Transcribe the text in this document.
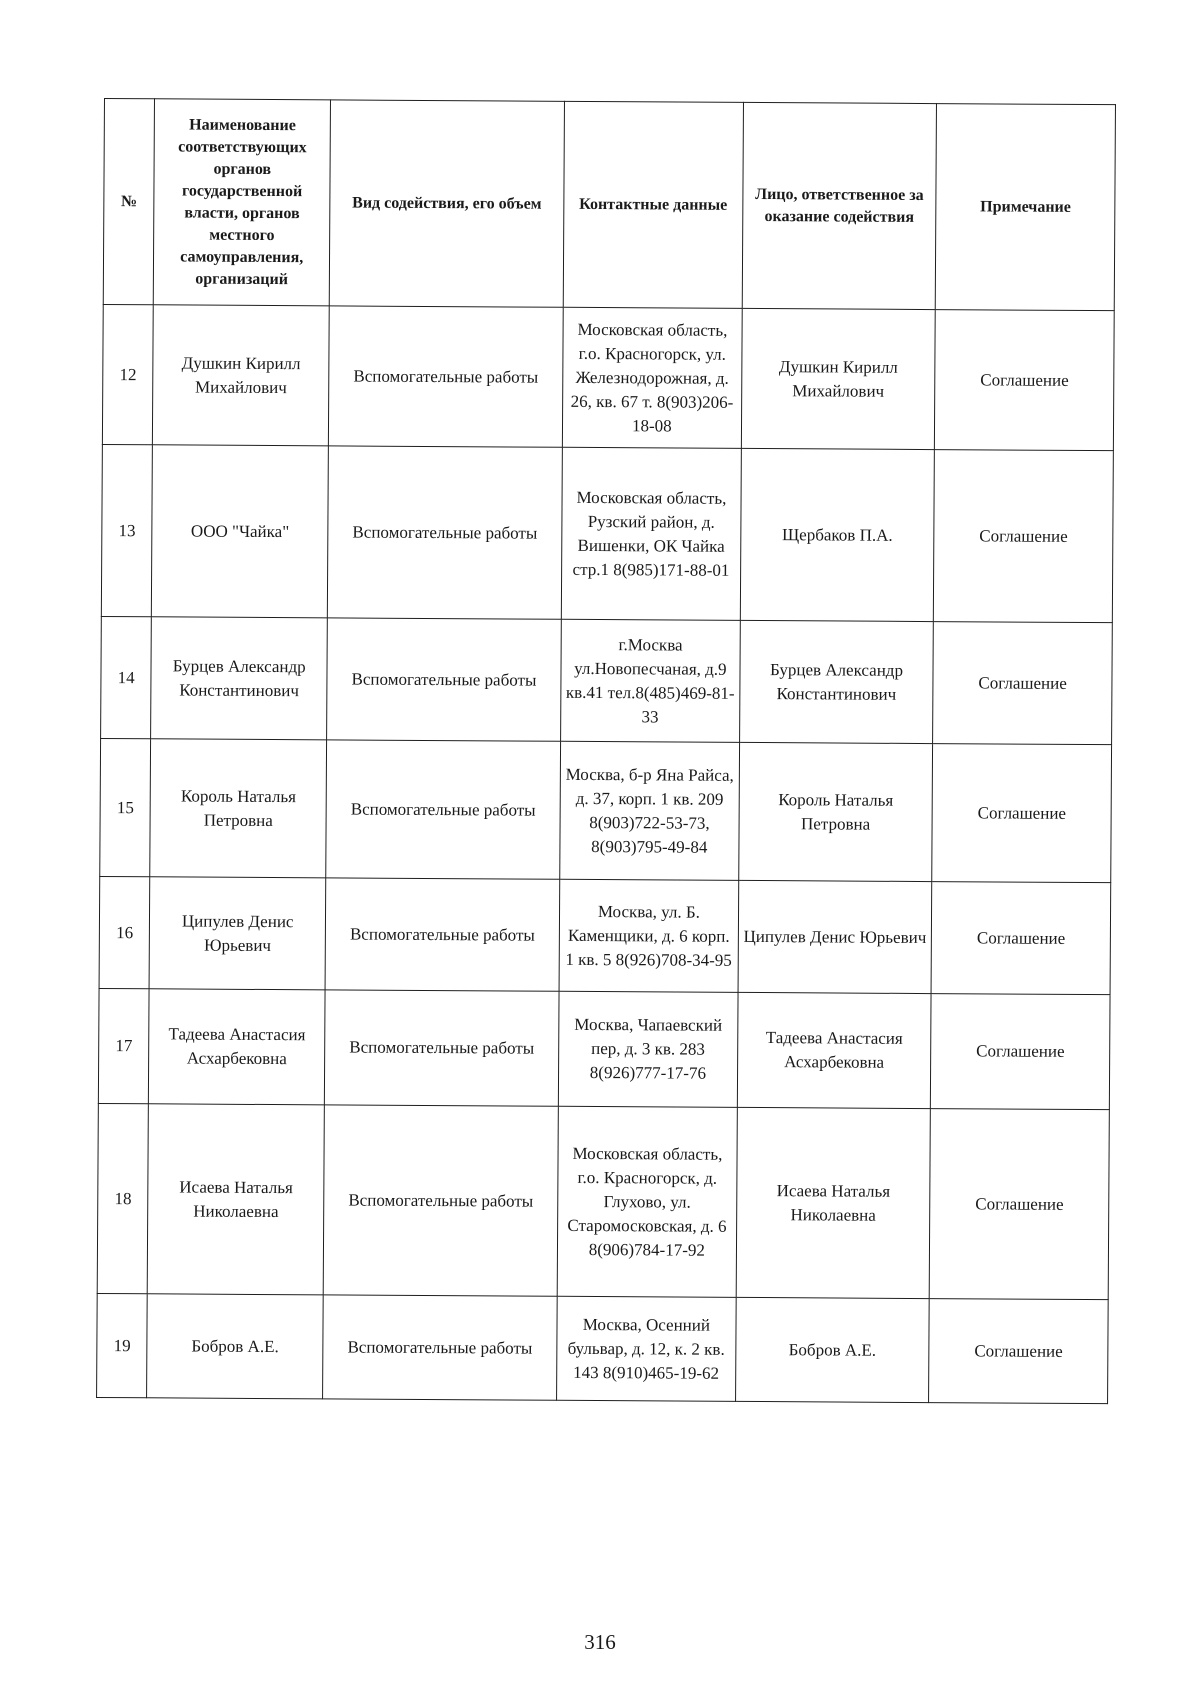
№	Наименование соответствующих органов государственной власти, органов местного самоуправления, организаций	Вид содействия, его объем	Контактные данные	Лицо, ответственное за оказание содействия	Примечание
12	Душкин Кирилл Михайлович	Вспомогательные работы	Московская область, г.о. Красногорск, ул. Железнодорожная, д. 26, кв. 67 т. 8(903)206-18-08	Душкин Кирилл Михайлович	Соглашение
13	ООО "Чайка"	Вспомогательные работы	Московская область, Рузский район, д. Вишенки, ОК Чайка стр.1 8(985)171-88-01	Щербаков П.А.	Соглашение
14	Бурцев Александр Константинович	Вспомогательные работы	г.Москва ул.Новопесчаная, д.9 кв.41 тел.8(485)469-81-33	Бурцев Александр Константинович	Соглашение
15	Король Наталья Петровна	Вспомогательные работы	Москва, б-р Яна Райса, д. 37, корп. 1 кв. 209 8(903)722-53-73, 8(903)795-49-84	Король Наталья Петровна	Соглашение
16	Ципулев Денис Юрьевич	Вспомогательные работы	Москва, ул. Б. Каменщики, д. 6 корп. 1 кв. 5 8(926)708-34-95	Ципулев Денис Юрьевич	Соглашение
17	Тадеева Анастасия Асхарбековна	Вспомогательные работы	Москва, Чапаевский пер, д. 3 кв. 283 8(926)777-17-76	Тадеева Анастасия Асхарбековна	Соглашение
18	Исаева Наталья Николаевна	Вспомогательные работы	Московская область, г.о. Красногорск, д. Глухово, ул. Старомосковская, д. 6 8(906)784-17-92	Исаева Наталья Николаевна	Соглашение
19	Бобров А.Е.	Вспомогательные работы	Москва, Осенний бульвар, д. 12, к. 2 кв. 143 8(910)465-19-62	Бобров А.Е.	Соглашение
316
